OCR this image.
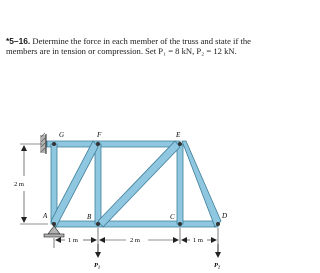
*5–16. Determine the force in each member of the truss and state if the members are in tension or compression. Set P₁ = 8 kN, P₂ = 12 kN.

G	F	E
A	B	C	D
2 m
1 m	2 m	1 m
P₁	P₂
